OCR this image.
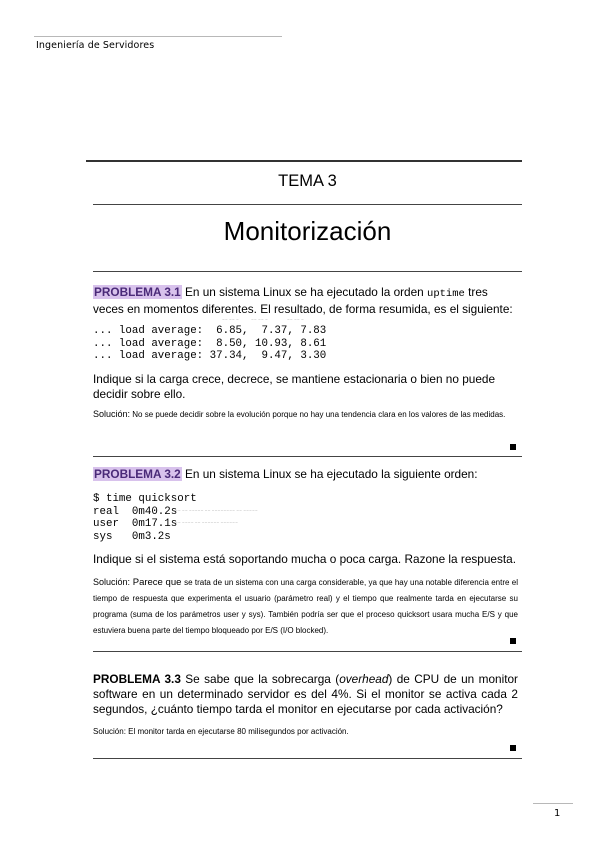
Ingeniería de Servidores
TEMA 3
Monitorización
PROBLEMA 3.1 En un sistema Linux se ha ejecutado la orden uptime tres veces en momentos diferentes. El resultado, de forma resumida, es el siguiente:
~~ ~~ ~	~~ ~~ ~	~~ ~~ ~
... load average:  6.85,  7.37, 7.83
... load average:  8.50, 10.93, 8.61
... load average: 37.34,  9.47, 3.30
Indique si la carga crece, decrece, se mantiene estacionaria o bien no puede decidir sobre ello.
Solución: No se puede decidir sobre la evolución porque no hay una tendencia clara en los valores de las medidas.
PROBLEMA 3.2 En un sistema Linux se ha ejecutado la siguiente orden:
$ time quicksort
real  0m40.2s
user  0m17.1s
sys   0m3.2s
~~~ ~~ ~~~~~ ~~ ~~~~~~~~ ~~ ~~~~~
~~~ ~~~~ ~~ ~~~~~~ ~~~~~~
Indique si el sistema está soportando mucha o poca carga. Razone la respuesta.
Solución: Parece que se trata de un sistema con una carga considerable, ya que hay una notable diferencia entre el tiempo de respuesta que experimenta el usuario (parámetro real) y el tiempo que realmente tarda en ejecutarse su programa (suma de los parámetros user y sys). También podría ser que el proceso quicksort usara mucha E/S y que estuviera buena parte del tiempo bloqueado por E/S (I/O blocked).
PROBLEMA 3.3 Se sabe que la sobrecarga (overhead) de CPU de un monitor software en un determinado servidor es del 4%. Si el monitor se activa cada 2 segundos, ¿cuánto tiempo tarda el monitor en ejecutarse por cada activación?
Solución: El monitor tarda en ejecutarse 80 milisegundos por activación.
1
